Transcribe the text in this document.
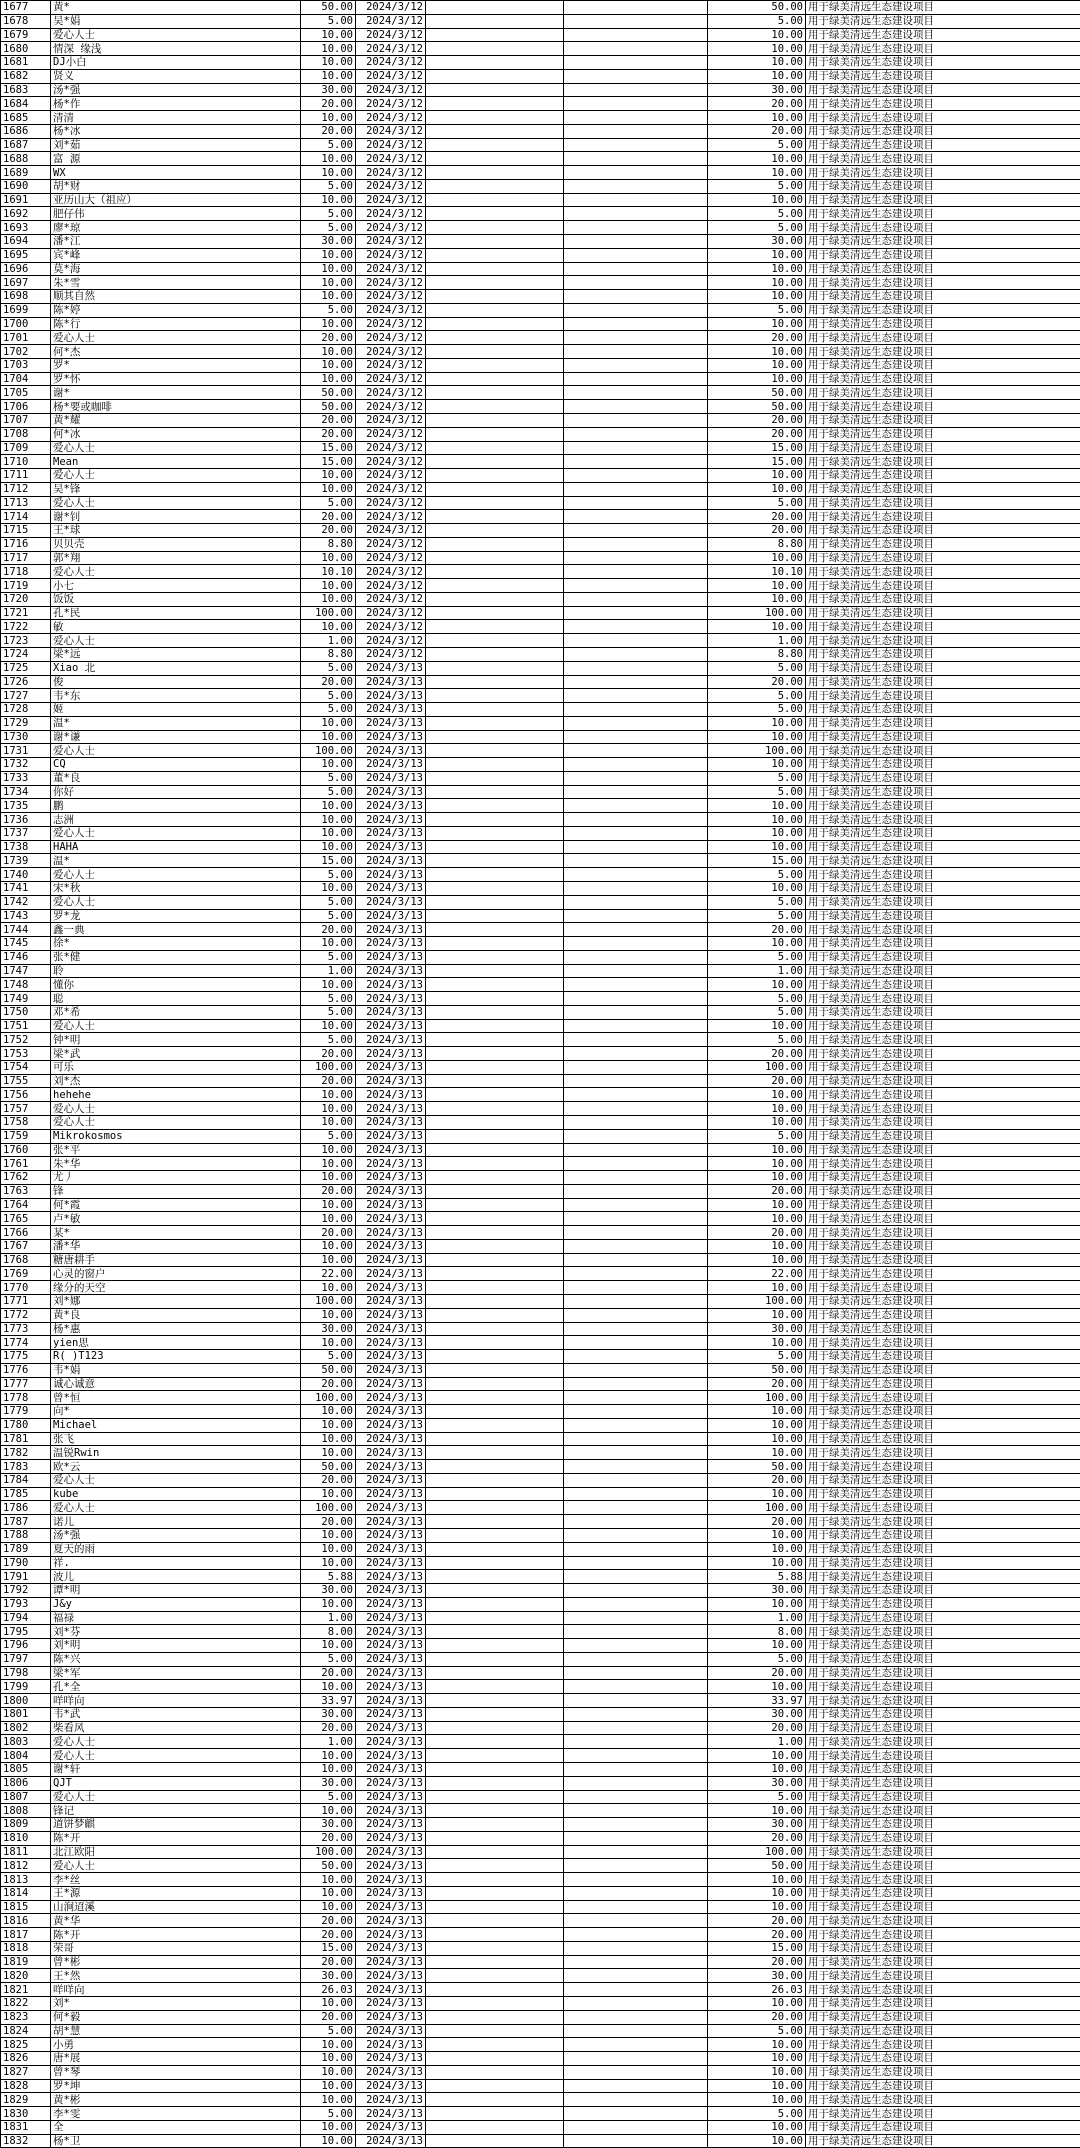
1677	黄*	50.00	2024/3/12			50.00	用于绿美清远生态建设项目
1678	吴*娟	5.00	2024/3/12			5.00	用于绿美清远生态建设项目
1679	爱心人士	10.00	2024/3/12			10.00	用于绿美清远生态建设项目
1680	情深 缘浅	10.00	2024/3/12			10.00	用于绿美清远生态建设项目
1681	DJ小白	10.00	2024/3/12			10.00	用于绿美清远生态建设项目
1682	贤义	10.00	2024/3/12			10.00	用于绿美清远生态建设项目
1683	汤*强	30.00	2024/3/12			30.00	用于绿美清远生态建设项目
1684	杨*作	20.00	2024/3/12			20.00	用于绿美清远生态建设项目
1685	清清	10.00	2024/3/12			10.00	用于绿美清远生态建设项目
1686	杨*冰	20.00	2024/3/12			20.00	用于绿美清远生态建设项目
1687	刘*茹	5.00	2024/3/12			5.00	用于绿美清远生态建设项目
1688	富 源	10.00	2024/3/12			10.00	用于绿美清远生态建设项目
1689	WX	10.00	2024/3/12			10.00	用于绿美清远生态建设项目
1690	胡*财	5.00	2024/3/12			5.00	用于绿美清远生态建设项目
1691	亚历山大（祖应）	10.00	2024/3/12			10.00	用于绿美清远生态建设项目
1692	肥仔伟	5.00	2024/3/12			5.00	用于绿美清远生态建设项目
1693	廖*琼	5.00	2024/3/12			5.00	用于绿美清远生态建设项目
1694	潘*江	30.00	2024/3/12			30.00	用于绿美清远生态建设项目
1695	宾*峰	10.00	2024/3/12			10.00	用于绿美清远生态建设项目
1696	莫*海	10.00	2024/3/12			10.00	用于绿美清远生态建设项目
1697	朱*雪	10.00	2024/3/12			10.00	用于绿美清远生态建设项目
1698	顺其自然	10.00	2024/3/12			10.00	用于绿美清远生态建设项目
1699	陈*婷	5.00	2024/3/12			5.00	用于绿美清远生态建设项目
1700	陈*行	10.00	2024/3/12			10.00	用于绿美清远生态建设项目
1701	爱心人士	20.00	2024/3/12			20.00	用于绿美清远生态建设项目
1702	何*杰	10.00	2024/3/12			10.00	用于绿美清远生态建设项目
1703	罗*	10.00	2024/3/12			10.00	用于绿美清远生态建设项目
1704	罗*怀	10.00	2024/3/12			10.00	用于绿美清远生态建设项目
1705	谢*	50.00	2024/3/12			50.00	用于绿美清远生态建设项目
1706	杨*要或咖啡	50.00	2024/3/12			50.00	用于绿美清远生态建设项目
1707	黄*耀	20.00	2024/3/12			20.00	用于绿美清远生态建设项目
1708	何*冰	20.00	2024/3/12			20.00	用于绿美清远生态建设项目
1709	爱心人士	15.00	2024/3/12			15.00	用于绿美清远生态建设项目
1710	Mean	15.00	2024/3/12			15.00	用于绿美清远生态建设项目
1711	爱心人士	10.00	2024/3/12			10.00	用于绿美清远生态建设项目
1712	吴*锋	10.00	2024/3/12			10.00	用于绿美清远生态建设项目
1713	爱心人士	5.00	2024/3/12			5.00	用于绿美清远生态建设项目
1714	谢*钊	20.00	2024/3/12			20.00	用于绿美清远生态建设项目
1715	王*球	20.00	2024/3/12			20.00	用于绿美清远生态建设项目
1716	贝贝壳	8.80	2024/3/12			8.80	用于绿美清远生态建设项目
1717	郭*翔	10.00	2024/3/12			10.00	用于绿美清远生态建设项目
1718	爱心人士	10.10	2024/3/12			10.10	用于绿美清远生态建设项目
1719	小七	10.00	2024/3/12			10.00	用于绿美清远生态建设项目
1720	饭饭	10.00	2024/3/12			10.00	用于绿美清远生态建设项目
1721	孔*民	100.00	2024/3/12			100.00	用于绿美清远生态建设项目
1722	敏	10.00	2024/3/12			10.00	用于绿美清远生态建设项目
1723	爱心人士	1.00	2024/3/12			1.00	用于绿美清远生态建设项目
1724	梁*远	8.80	2024/3/12			8.80	用于绿美清远生态建设项目
1725	Xiao 北	5.00	2024/3/13			5.00	用于绿美清远生态建设项目
1726	俊	20.00	2024/3/13			20.00	用于绿美清远生态建设项目
1727	韦*东	5.00	2024/3/13			5.00	用于绿美清远生态建设项目
1728	姬	5.00	2024/3/13			5.00	用于绿美清远生态建设项目
1729	温*	10.00	2024/3/13			10.00	用于绿美清远生态建设项目
1730	谢*谦	10.00	2024/3/13			10.00	用于绿美清远生态建设项目
1731	爱心人士	100.00	2024/3/13			100.00	用于绿美清远生态建设项目
1732	CQ	10.00	2024/3/13			10.00	用于绿美清远生态建设项目
1733	董*良	5.00	2024/3/13			5.00	用于绿美清远生态建设项目
1734	你好	5.00	2024/3/13			5.00	用于绿美清远生态建设项目
1735	鹏	10.00	2024/3/13			10.00	用于绿美清远生态建设项目
1736	志洲	10.00	2024/3/13			10.00	用于绿美清远生态建设项目
1737	爱心人士	10.00	2024/3/13			10.00	用于绿美清远生态建设项目
1738	HAHA	10.00	2024/3/13			10.00	用于绿美清远生态建设项目
1739	温*	15.00	2024/3/13			15.00	用于绿美清远生态建设项目
1740	爱心人士	5.00	2024/3/13			5.00	用于绿美清远生态建设项目
1741	宋*秋	10.00	2024/3/13			10.00	用于绿美清远生态建设项目
1742	爱心人士	5.00	2024/3/13			5.00	用于绿美清远生态建设项目
1743	罗*龙	5.00	2024/3/13			5.00	用于绿美清远生态建设项目
1744	鑫一典	20.00	2024/3/13			20.00	用于绿美清远生态建设项目
1745	徐*	10.00	2024/3/13			10.00	用于绿美清远生态建设项目
1746	张*健	5.00	2024/3/13			5.00	用于绿美清远生态建设项目
1747	聆	1.00	2024/3/13			1.00	用于绿美清远生态建设项目
1748	懂你	10.00	2024/3/13			10.00	用于绿美清远生态建设项目
1749	聪	5.00	2024/3/13			5.00	用于绿美清远生态建设项目
1750	邓*希	5.00	2024/3/13			5.00	用于绿美清远生态建设项目
1751	爱心人士	10.00	2024/3/13			10.00	用于绿美清远生态建设项目
1752	钟*明	5.00	2024/3/13			5.00	用于绿美清远生态建设项目
1753	梁*武	20.00	2024/3/13			20.00	用于绿美清远生态建设项目
1754	可乐	100.00	2024/3/13			100.00	用于绿美清远生态建设项目
1755	刘*杰	20.00	2024/3/13			20.00	用于绿美清远生态建设项目
1756	hehehe	10.00	2024/3/13			10.00	用于绿美清远生态建设项目
1757	爱心人士	10.00	2024/3/13			10.00	用于绿美清远生态建设项目
1758	爱心人士	10.00	2024/3/13			10.00	用于绿美清远生态建设项目
1759	Mikrokosmos	5.00	2024/3/13			5.00	用于绿美清远生态建设项目
1760	张*平	10.00	2024/3/13			10.00	用于绿美清远生态建设项目
1761	朱*华	10.00	2024/3/13			10.00	用于绿美清远生态建设项目
1762	尤丿	10.00	2024/3/13			10.00	用于绿美清远生态建设项目
1763	锋	20.00	2024/3/13			20.00	用于绿美清远生态建设项目
1764	何*霞	10.00	2024/3/13			10.00	用于绿美清远生态建设项目
1765	卢*敏	10.00	2024/3/13			10.00	用于绿美清远生态建设项目
1766	某*	20.00	2024/3/13			20.00	用于绿美清远生态建设项目
1767	潘*华	10.00	2024/3/13			10.00	用于绿美清远生态建设项目
1768	糖唐耕手	10.00	2024/3/13			10.00	用于绿美清远生态建设项目
1769	心灵的窗户	22.00	2024/3/13			22.00	用于绿美清远生态建设项目
1770	缘分的天空	10.00	2024/3/13			10.00	用于绿美清远生态建设项目
1771	刘*娜	100.00	2024/3/13			100.00	用于绿美清远生态建设项目
1772	黄*良	10.00	2024/3/13			10.00	用于绿美清远生态建设项目
1773	杨*惠	30.00	2024/3/13			30.00	用于绿美清远生态建设项目
1774	yien思	10.00	2024/3/13			10.00	用于绿美清远生态建设项目
1775	R( )T123	5.00	2024/3/13			5.00	用于绿美清远生态建设项目
1776	韦*娟	50.00	2024/3/13			50.00	用于绿美清远生态建设项目
1777	诚心诚意	20.00	2024/3/13			20.00	用于绿美清远生态建设项目
1778	曾*恒	100.00	2024/3/13			100.00	用于绿美清远生态建设项目
1779	向*	10.00	2024/3/13			10.00	用于绿美清远生态建设项目
1780	Michael	10.00	2024/3/13			10.00	用于绿美清远生态建设项目
1781	张飞	10.00	2024/3/13			10.00	用于绿美清远生态建设项目
1782	温锐Rwin	10.00	2024/3/13			10.00	用于绿美清远生态建设项目
1783	欧*云	50.00	2024/3/13			50.00	用于绿美清远生态建设项目
1784	爱心人士	20.00	2024/3/13			20.00	用于绿美清远生态建设项目
1785	kube	10.00	2024/3/13			10.00	用于绿美清远生态建设项目
1786	爱心人士	100.00	2024/3/13			100.00	用于绿美清远生态建设项目
1787	诺儿	20.00	2024/3/13			20.00	用于绿美清远生态建设项目
1788	汤*强	10.00	2024/3/13			10.00	用于绿美清远生态建设项目
1789	夏天的雨	10.00	2024/3/13			10.00	用于绿美清远生态建设项目
1790	祥.	10.00	2024/3/13			10.00	用于绿美清远生态建设项目
1791	波儿	5.88	2024/3/13			5.88	用于绿美清远生态建设项目
1792	谭*明	30.00	2024/3/13			30.00	用于绿美清远生态建设项目
1793	J&y	10.00	2024/3/13			10.00	用于绿美清远生态建设项目
1794	福禄	1.00	2024/3/13			1.00	用于绿美清远生态建设项目
1795	刘*芬	8.00	2024/3/13			8.00	用于绿美清远生态建设项目
1796	刘*明	10.00	2024/3/13			10.00	用于绿美清远生态建设项目
1797	陈*兴	5.00	2024/3/13			5.00	用于绿美清远生态建设项目
1798	梁*军	20.00	2024/3/13			20.00	用于绿美清远生态建设项目
1799	孔*全	10.00	2024/3/13			10.00	用于绿美清远生态建设项目
1800	咩咩向	33.97	2024/3/13			33.97	用于绿美清远生态建设项目
1801	韦*武	30.00	2024/3/13			30.00	用于绿美清远生态建设项目
1802	柴看风	20.00	2024/3/13			20.00	用于绿美清远生态建设项目
1803	爱心人士	1.00	2024/3/13			1.00	用于绿美清远生态建设项目
1804	爱心人士	10.00	2024/3/13			10.00	用于绿美清远生态建设项目
1805	谢*轩	10.00	2024/3/13			10.00	用于绿美清远生态建设项目
1806	QJT	30.00	2024/3/13			30.00	用于绿美清远生态建设项目
1807	爱心人士	5.00	2024/3/13			5.00	用于绿美清远生态建设项目
1808	锋记	10.00	2024/3/13			10.00	用于绿美清远生态建设项目
1809	道饼梦麒	30.00	2024/3/13			30.00	用于绿美清远生态建设项目
1810	陈*开	20.00	2024/3/13			20.00	用于绿美清远生态建设项目
1811	北江欧阳	100.00	2024/3/13			100.00	用于绿美清远生态建设项目
1812	爱心人士	50.00	2024/3/13			50.00	用于绿美清远生态建设项目
1813	李*丝	10.00	2024/3/13			10.00	用于绿美清远生态建设项目
1814	王*源	10.00	2024/3/13			10.00	用于绿美清远生态建设项目
1815	山涧迢溪	10.00	2024/3/13			10.00	用于绿美清远生态建设项目
1816	黄*华	20.00	2024/3/13			20.00	用于绿美清远生态建设项目
1817	陈*开	20.00	2024/3/13			20.00	用于绿美清远生态建设项目
1818	荣哥	15.00	2024/3/13			15.00	用于绿美清远生态建设项目
1819	曾*彬	20.00	2024/3/13			20.00	用于绿美清远生态建设项目
1820	王*然	30.00	2024/3/13			30.00	用于绿美清远生态建设项目
1821	咩咩向	26.03	2024/3/13			26.03	用于绿美清远生态建设项目
1822	刘*	10.00	2024/3/13			10.00	用于绿美清远生态建设项目
1823	何*毅	20.00	2024/3/13			20.00	用于绿美清远生态建设项目
1824	胡*慧	5.00	2024/3/13			5.00	用于绿美清远生态建设项目
1825	小勇	10.00	2024/3/13			10.00	用于绿美清远生态建设项目
1826	唐*展	10.00	2024/3/13			10.00	用于绿美清远生态建设项目
1827	曾*琴	10.00	2024/3/13			10.00	用于绿美清远生态建设项目
1828	罗*坤	10.00	2024/3/13			10.00	用于绿美清远生态建设项目
1829	黄*彬	10.00	2024/3/13			10.00	用于绿美清远生态建设项目
1830	李*雯	5.00	2024/3/13			5.00	用于绿美清远生态建设项目
1831	全	10.00	2024/3/13			10.00	用于绿美清远生态建设项目
1832	杨*卫	10.00	2024/3/13			10.00	用于绿美清远生态建设项目
